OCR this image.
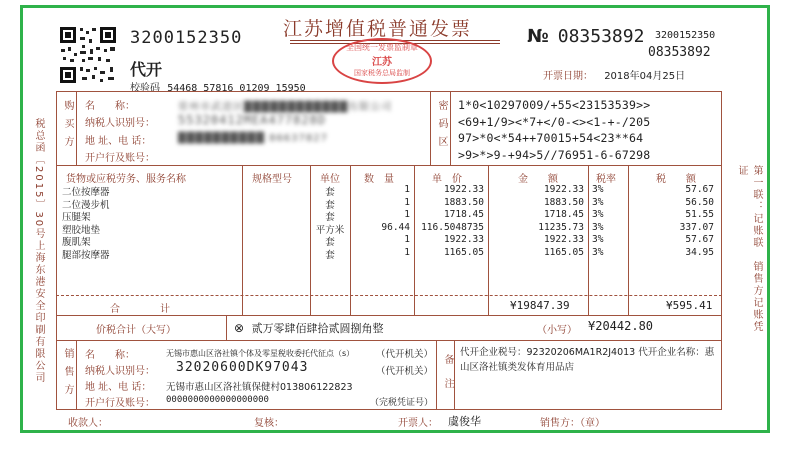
3200152350
代开
校验码 54468 57816 01209 15950
江苏增值税普通发票
全国统一发票监制章
江苏
国家税务总局监制
№ 08353892 3200152350
08353892
开票日期： 2018年04月25日
税总函〔2015〕30号上海东港安全印刷有限公司	第一联：记账联　销售方记账凭证
购买方 名　　称：	常州市武进区████████████有限公司
纳税人识别号： 55320412MEA477828D
地 址、电 话：	██████████ 86637827
开户行及账号：
密码区 1*0<10297009/+55<23153539>>
<69+1/9><*7+</0-<><1-+-/205
97>*0<*54++70015+54<23**64
>9>*>9-+94>5//76951-6-67298
货物或应税劳务、服务名称	规格型号	单位 数　量	单　价	金　　额	税率	税　　额
二位按摩器	套	1	1922.33	1922.33 3%	57.67
二位漫步机	套	1	1883.50	1883.50 3%	56.50
压腿架	套	1	1718.45	1718.45 3%	51.55
塑胶地垫	平方米	96.44	116.5048735	11235.73 3%	337.07
腹肌架	套	1	1922.33	1922.33 3%	57.67
腿部按摩器	套	1	1165.05	1165.05 3%	34.95
合　　　　计	¥19847.39	¥595.41
价税合计（大写）	⊗ 贰万零肆佰肆拾贰圆捌角整	（小写） ¥20442.80
销售方 名　　称：	无锡市惠山区洛社镇个体及零星税收委托代征点（s） （代开机关）
纳税人识别号： 32020600DK97043	（代开机关）
地 址、电 话： 无锡市惠山区洛社镇保健村013806122823
开户行及账号： 0000000000000000000	（完税凭证号）
备注
代开企业税号：92320206MA1R2J4013 代开企业名称：惠山区洛社镇类发体育用品店
收款人：	复核：	开票人： 虞俊华	销售方：（章）
